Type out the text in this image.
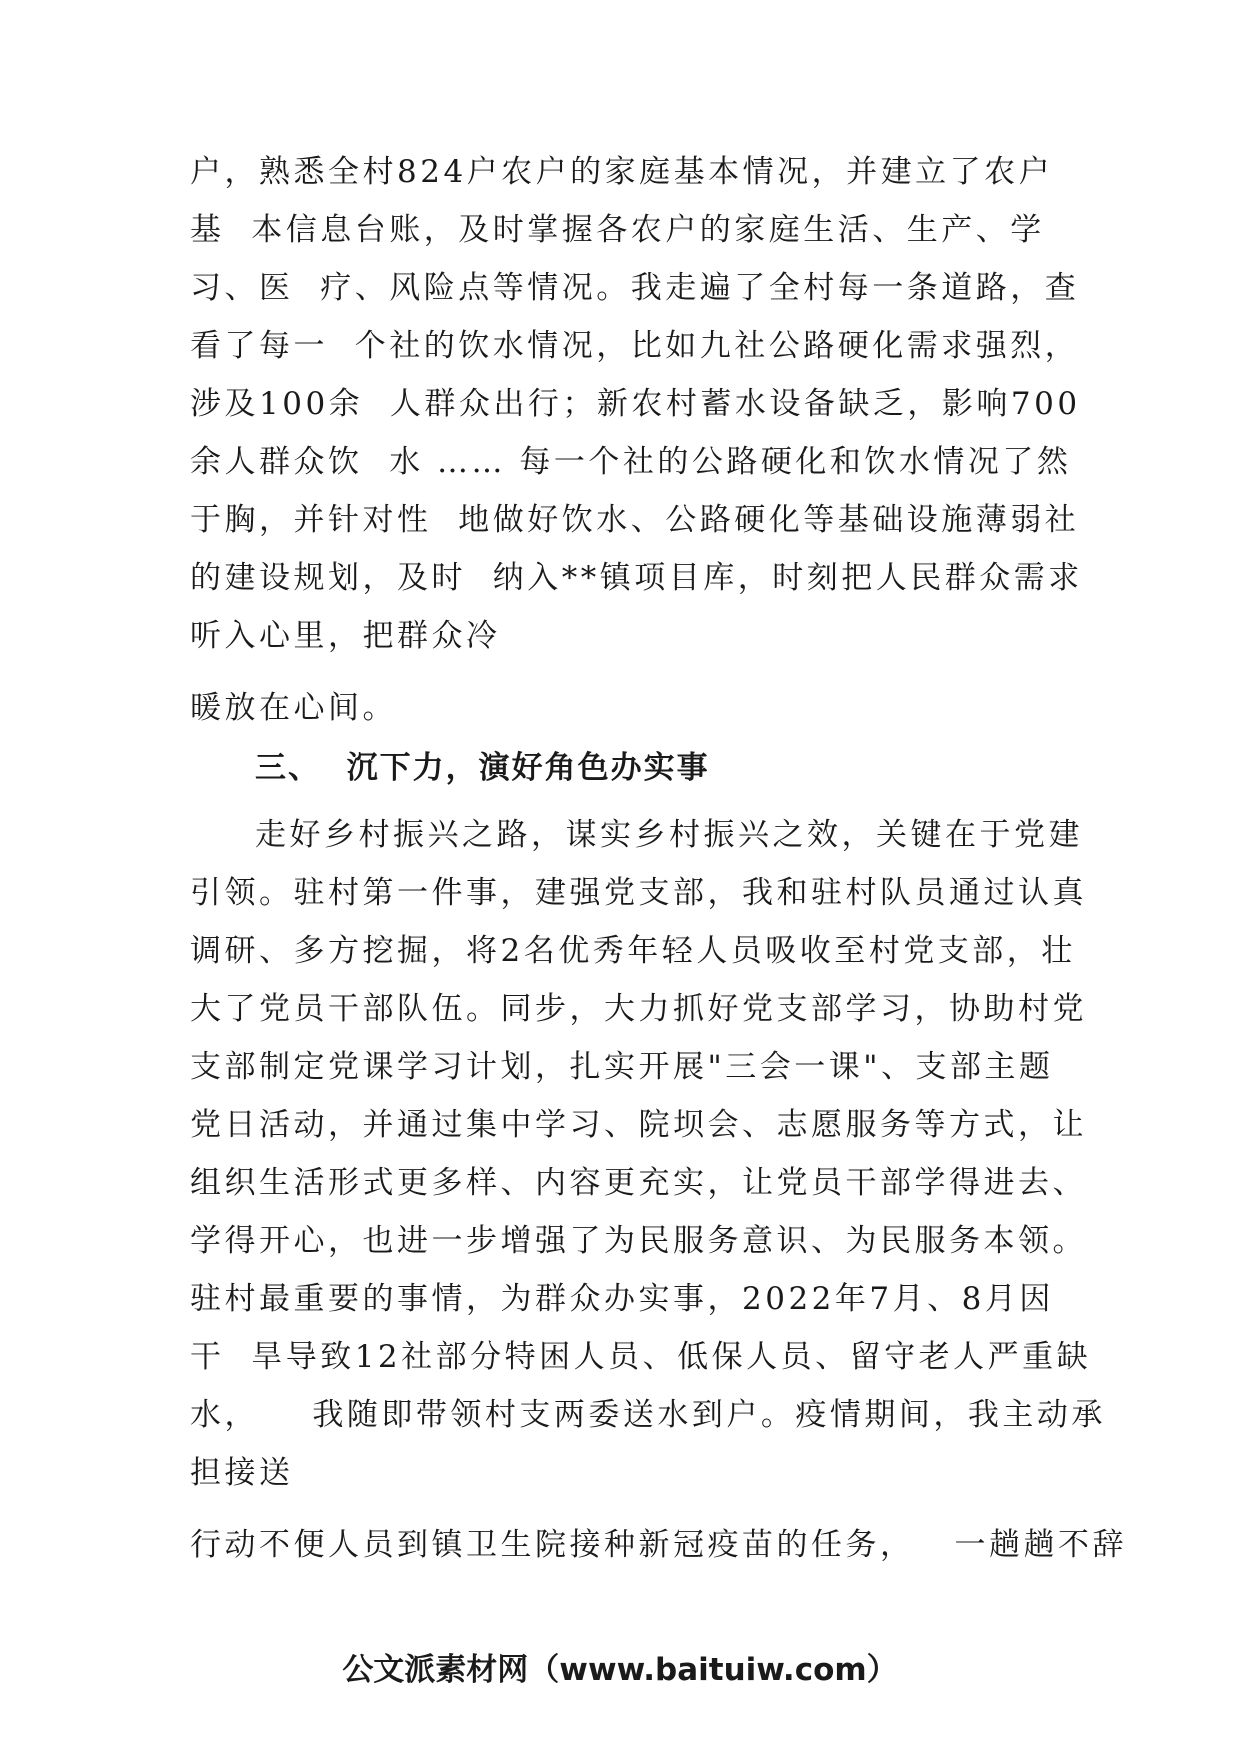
户，熟悉全村824户农户的家庭基本情况，并建立了农户
基  本信息台账，及时掌握各农户的家庭生活、生产、学
习、医  疗、风险点等情况。我走遍了全村每一条道路，查
看了每一  个社的饮水情况，比如九社公路硬化需求强烈，
涉及100余  人群众出行；新农村蓄水设备缺乏，影响700
余人群众饮  水 …… 每一个社的公路硬化和饮水情况了然
于胸，并针对性  地做好饮水、公路硬化等基础设施薄弱社
的建设规划，及时  纳入**镇项目库，时刻把人民群众需求
听入心里，把群众冷
暖放在心间。
三、  沉下力，演好角色办实事
走好乡村振兴之路，谋实乡村振兴之效，关键在于党建
引领。驻村第一件事，建强党支部，我和驻村队员通过认真
调研、多方挖掘，将2名优秀年轻人员吸收至村党支部，壮
大了党员干部队伍。同步，大力抓好党支部学习，协助村党
支部制定党课学习计划，扎实开展"三会一课"、支部主题
党日活动，并通过集中学习、院坝会、志愿服务等方式，让
组织生活形式更多样、内容更充实，让党员干部学得进去、
学得开心，也进一步增强了为民服务意识、为民服务本领。
驻村最重要的事情，为群众办实事，2022年7月、8月因
干  旱导致12社部分特困人员、低保人员、留守老人严重缺
水，    我随即带领村支两委送水到户。疫情期间，我主动承
担接送
行动不便人员到镇卫生院接种新冠疫苗的任务，   一趟趟不辞
公文派素材网（www.baituiw.com）
